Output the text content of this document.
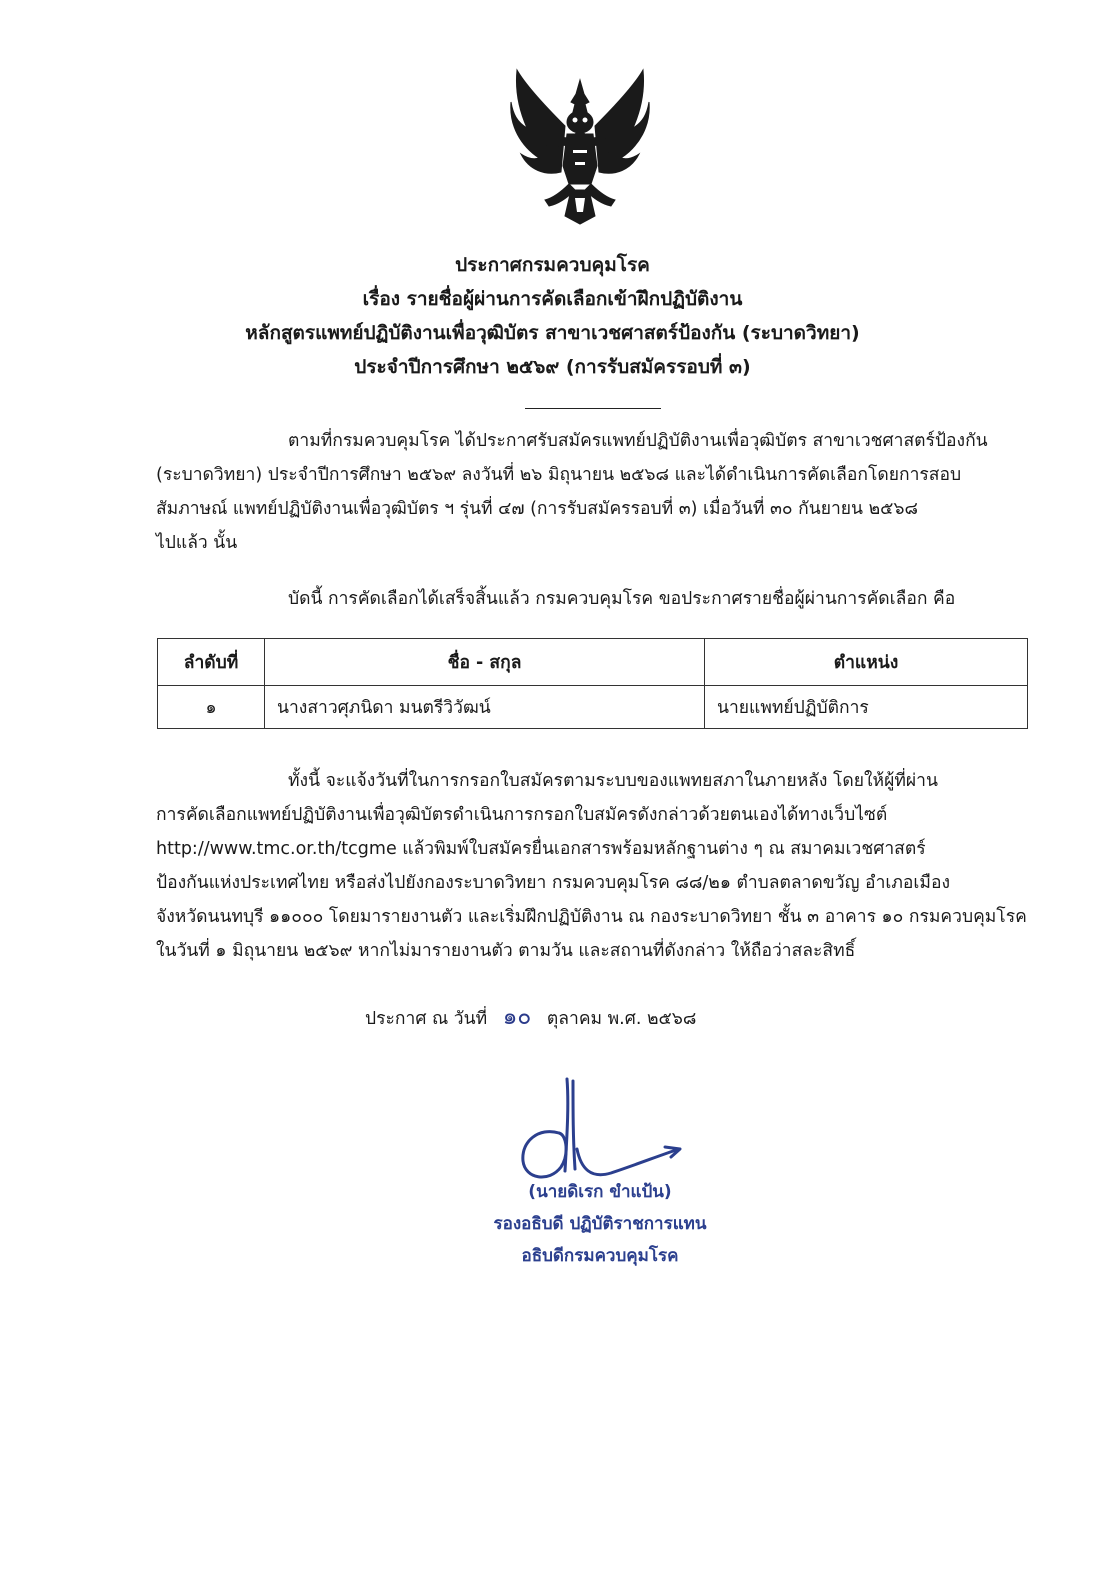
ประกาศกรมควบคุมโรค
เรื่อง รายชื่อผู้ผ่านการคัดเลือกเข้าฝึกปฏิบัติงาน
หลักสูตรแพทย์ปฏิบัติงานเพื่อวุฒิบัตร สาขาเวชศาสตร์ป้องกัน (ระบาดวิทยา)
ประจำปีการศึกษา ๒๕๖๙ (การรับสมัครรอบที่ ๓)
ตามที่กรมควบคุมโรค ได้ประกาศรับสมัครแพทย์ปฏิบัติงานเพื่อวุฒิบัตร สาขาเวชศาสตร์ป้องกัน
(ระบาดวิทยา) ประจำปีการศึกษา ๒๕๖๙ ลงวันที่ ๒๖ มิถุนายน ๒๕๖๘ และได้ดำเนินการคัดเลือกโดยการสอบ
สัมภาษณ์ แพทย์ปฏิบัติงานเพื่อวุฒิบัตร ฯ รุ่นที่ ๔๗ (การรับสมัครรอบที่ ๓) เมื่อวันที่ ๓๐ กันยายน ๒๕๖๘
ไปแล้ว นั้น
บัดนี้ การคัดเลือกได้เสร็จสิ้นแล้ว กรมควบคุมโรค ขอประกาศรายชื่อผู้ผ่านการคัดเลือก คือ
ลำดับที่	ชื่อ - สกุล	ตำแหน่ง
๑	นางสาวศุภนิดา มนตรีวิวัฒน์	นายแพทย์ปฏิบัติการ
ทั้งนี้ จะแจ้งวันที่ในการกรอกใบสมัครตามระบบของแพทยสภาในภายหลัง โดยให้ผู้ที่ผ่าน
การคัดเลือกแพทย์ปฏิบัติงานเพื่อวุฒิบัตรดำเนินการกรอกใบสมัครดังกล่าวด้วยตนเองได้ทางเว็บไซต์
http://www.tmc.or.th/tcgme แล้วพิมพ์ใบสมัครยื่นเอกสารพร้อมหลักฐานต่าง ๆ ณ สมาคมเวชศาสตร์
ป้องกันแห่งประเทศไทย หรือส่งไปยังกองระบาดวิทยา กรมควบคุมโรค ๘๘/๒๑ ตำบลตลาดขวัญ อำเภอเมือง
จังหวัดนนทบุรี ๑๑๐๐๐ โดยมารายงานตัว และเริ่มฝึกปฏิบัติงาน ณ กองระบาดวิทยา ชั้น ๓ อาคาร ๑๐ กรมควบคุมโรค
ในวันที่ ๑ มิถุนายน ๒๕๖๙ หากไม่มารายงานตัว ตามวัน และสถานที่ดังกล่าว ให้ถือว่าสละสิทธิ์
ประกาศ ณ วันที่ ๑๐ ตุลาคม พ.ศ. ๒๕๖๘
(นายดิเรก ขำแป้น)
รองอธิบดี ปฏิบัติราชการแทน
อธิบดีกรมควบคุมโรค
